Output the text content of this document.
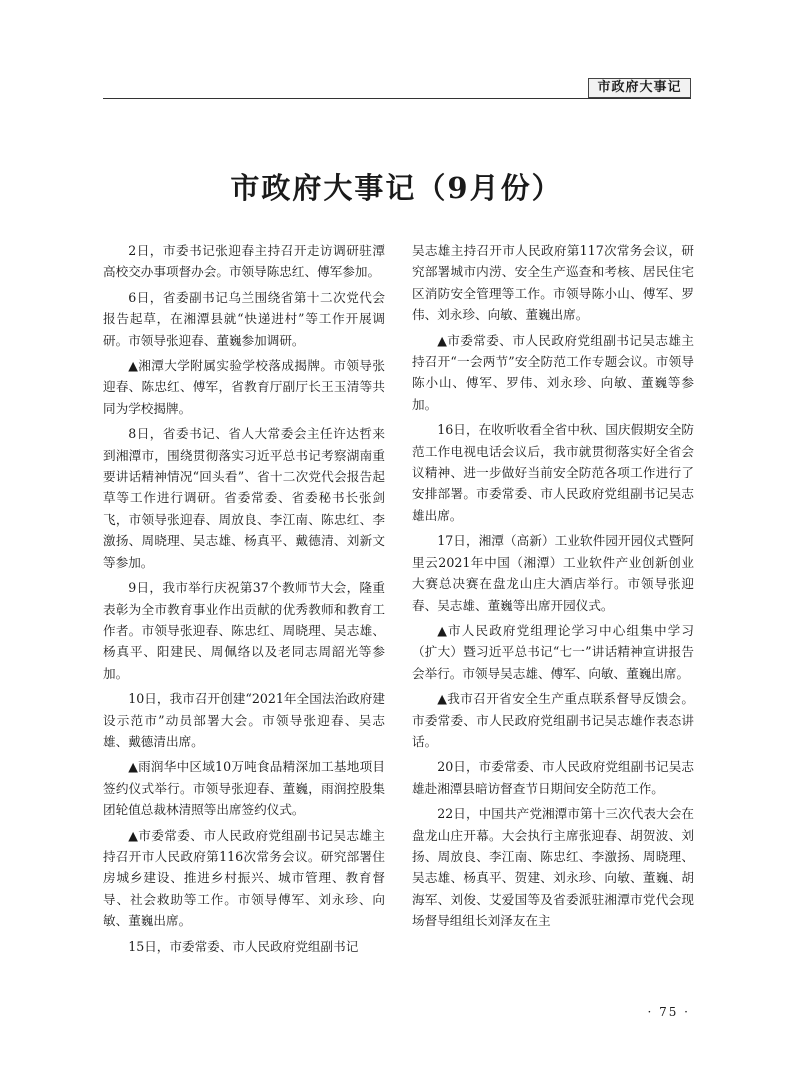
市政府大事记
市政府大事记（9月份）

2日，市委书记张迎春主持召开走访调研驻潭高校交办事项督办会。市领导陈忠红、傅军参加。

6日，省委副书记乌兰围绕省第十二次党代会报告起草，在湘潭县就“快递进村”等工作开展调研。市领导张迎春、董巍参加调研。

▲湘潭大学附属实验学校落成揭牌。市领导张迎春、陈忠红、傅军，省教育厅副厅长王玉清等共同为学校揭牌。

8日，省委书记、省人大常委会主任许达哲来到湘潭市，围绕贯彻落实习近平总书记考察湖南重要讲话精神情况“回头看”、省十二次党代会报告起草等工作进行调研。省委常委、省委秘书长张剑飞，市领导张迎春、周放良、李江南、陈忠红、李激扬、周晓理、吴志雄、杨真平、戴德清、刘新文等参加。

9日，我市举行庆祝第37个教师节大会，隆重表彰为全市教育事业作出贡献的优秀教师和教育工作者。市领导张迎春、陈忠红、周晓理、吴志雄、杨真平、阳建民、周佩络以及老同志周韶光等参加。

10日，我市召开创建“2021年全国法治政府建设示范市”动员部署大会。市领导张迎春、吴志雄、戴德清出席。

▲雨润华中区域10万吨食品精深加工基地项目签约仪式举行。市领导张迎春、董巍，雨润控股集团轮值总裁林清照等出席签约仪式。

▲市委常委、市人民政府党组副书记吴志雄主持召开市人民政府第116次常务会议。研究部署住房城乡建设、推进乡村振兴、城市管理、教育督导、社会救助等工作。市领导傅军、刘永珍、向敏、董巍出席。

15日，市委常委、市人民政府党组副书记

吴志雄主持召开市人民政府第117次常务会议，研究部署城市内涝、安全生产巡查和考核、居民住宅区消防安全管理等工作。市领导陈小山、傅军、罗伟、刘永珍、向敏、董巍出席。

▲市委常委、市人民政府党组副书记吴志雄主持召开“一会两节”安全防范工作专题会议。市领导陈小山、傅军、罗伟、刘永珍、向敏、董巍等参加。

16日，在收听收看全省中秋、国庆假期安全防范工作电视电话会议后，我市就贯彻落实好全省会议精神、进一步做好当前安全防范各项工作进行了安排部署。市委常委、市人民政府党组副书记吴志雄出席。

17日，湘潭（高新）工业软件园开园仪式暨阿里云2021年中国（湘潭）工业软件产业创新创业大赛总决赛在盘龙山庄大酒店举行。市领导张迎春、吴志雄、董巍等出席开园仪式。

▲市人民政府党组理论学习中心组集中学习（扩大）暨习近平总书记“七一”讲话精神宣讲报告会举行。市领导吴志雄、傅军、向敏、董巍出席。

▲我市召开省安全生产重点联系督导反馈会。市委常委、市人民政府党组副书记吴志雄作表态讲话。

20日，市委常委、市人民政府党组副书记吴志雄赴湘潭县暗访督查节日期间安全防范工作。

22日，中国共产党湘潭市第十三次代表大会在盘龙山庄开幕。大会执行主席张迎春、胡贺波、刘扬、周放良、李江南、陈忠红、李激扬、周晓理、吴志雄、杨真平、贺建、刘永珍、向敏、董巍、胡海军、刘俊、艾爱国等及省委派驻湘潭市党代会现场督导组组长刘泽友在主

· 75 ·
